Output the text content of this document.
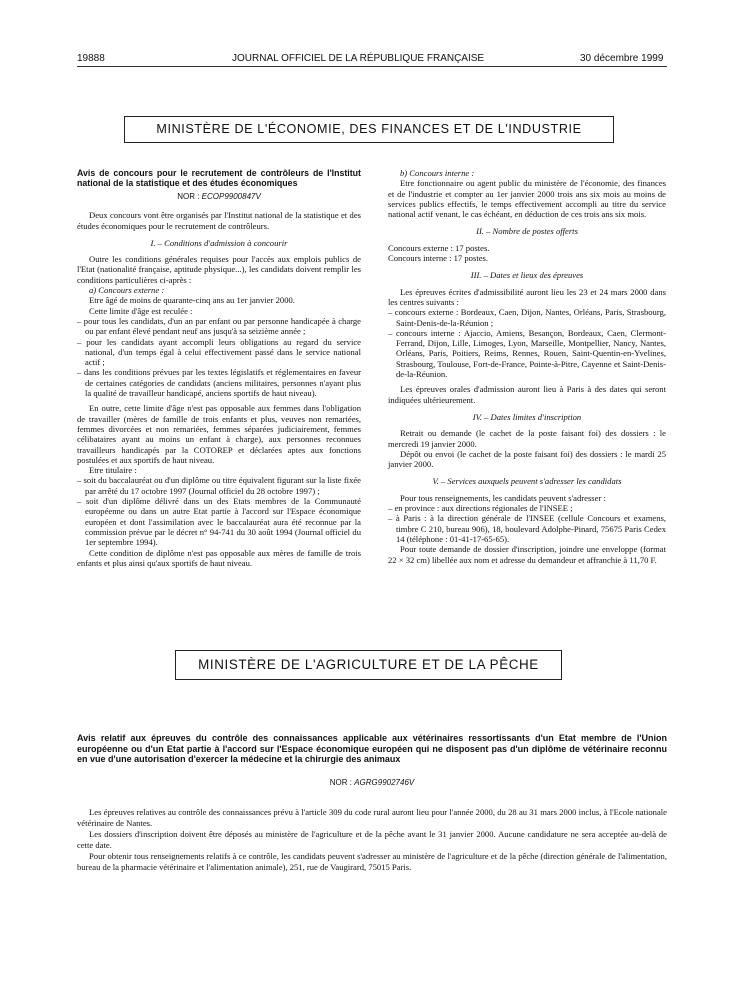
19888	JOURNAL OFFICIEL DE LA RÉPUBLIQUE FRANÇAISE	30 décembre 1999
MINISTÈRE DE L'ÉCONOMIE, DES FINANCES ET DE L'INDUSTRIE
Avis de concours pour le recrutement de contrôleurs de l'Institut national de la statistique et des études économiques
NOR : ECOP9900847V

Deux concours vont être organisés par l'Institut national de la statistique et des études économiques pour le recrutement de contrôleurs.

I. – Conditions d'admission à concourir

Outre les conditions générales requises pour l'accès aux emplois publics de l'Etat (nationalité française, aptitude physique...), les candidats doivent remplir les conditions particulières ci-après :

a) Concours externe :

Etre âgé de moins de quarante-cinq ans au 1er janvier 2000.

Cette limite d'âge est reculée :

– pour tous les candidats, d'un an par enfant ou par personne handicapée à charge ou par enfant élevé pendant neuf ans jusqu'à sa seizième année ;

– pour les candidats ayant accompli leurs obligations au regard du service national, d'un temps égal à celui effectivement passé dans le service national actif ;

– dans les conditions prévues par les textes législatifs et réglementaires en faveur de certaines catégories de candidats (anciens militaires, personnes n'ayant plus la qualité de travailleur handicapé, anciens sportifs de haut niveau).

En outre, cette limite d'âge n'est pas opposable aux femmes dans l'obligation de travailler (mères de famille de trois enfants et plus, veuves non remariées, femmes divorcées et non remariées, femmes séparées judiciairement, femmes célibataires ayant au moins un enfant à charge), aux personnes reconnues travailleurs handicapés par la COTOREP et déclarées aptes aux fonctions postulées et aux sportifs de haut niveau.

Etre titulaire :

– soit du baccalauréat ou d'un diplôme ou titre équivalent figurant sur la liste fixée par arrêté du 17 octobre 1997 (Journal officiel du 28 octobre 1997) ;

– soit d'un diplôme délivré dans un des Etats membres de la Communauté européenne ou dans un autre Etat partie à l'accord sur l'Espace économique européen et dont l'assimilation avec le baccalauréat aura été reconnue par la commission prévue par le décret n° 94-741 du 30 août 1994 (Journal officiel du 1er septembre 1994).

Cette condition de diplôme n'est pas opposable aux mères de famille de trois enfants et plus ainsi qu'aux sportifs de haut niveau.

b) Concours interne :

Etre fonctionnaire ou agent public du ministère de l'économie, des finances et de l'industrie et compter au 1er janvier 2000 trois ans six mois au moins de services publics effectifs, le temps effectivement accompli au titre du service national actif venant, le cas échéant, en déduction de ces trois ans six mois.

II. – Nombre de postes offerts

Concours externe : 17 postes.

Concours interne : 17 postes.

III. – Dates et lieux des épreuves

Les épreuves écrites d'admissibilité auront lieu les 23 et 24 mars 2000 dans les centres suivants :

– concours externe : Bordeaux, Caen, Dijon, Nantes, Orléans, Paris, Strasbourg, Saint-Denis-de-la-Réunion ;

– concours interne : Ajaccio, Amiens, Besançon, Bordeaux, Caen, Clermont-Ferrand, Dijon, Lille, Limoges, Lyon, Marseille, Montpellier, Nancy, Nantes, Orléans, Paris, Poitiers, Reims, Rennes, Rouen, Saint-Quentin-en-Yvelines, Strasbourg, Toulouse, Fort-de-France, Pointe-à-Pitre, Cayenne et Saint-Denis-de-la-Réunion.

Les épreuves orales d'admission auront lieu à Paris à des dates qui seront indiquées ultérieurement.

IV. – Dates limites d'inscription

Retrait ou demande (le cachet de la poste faisant foi) des dossiers : le mercredi 19 janvier 2000.

Dépôt ou envoi (le cachet de la poste faisant foi) des dossiers : le mardi 25 janvier 2000.

V. – Services auxquels peuvent s'adresser les candidats

Pour tous renseignements, les candidats peuvent s'adresser :

– en province : aux directions régionales de l'INSEE ;

– à Paris : à la direction générale de l'INSEE (cellule Concours et examens, timbre C 210, bureau 906), 18, boulevard Adolphe-Pinard, 75675 Paris Cedex 14 (téléphone : 01-41-17-65-65).

Pour toute demande de dossier d'inscription, joindre une enveloppe (format 22 × 32 cm) libellée aux nom et adresse du demandeur et affranchie à 11,70 F.

MINISTÈRE DE L'AGRICULTURE ET DE LA PÊCHE
Avis relatif aux épreuves du contrôle des connaissances applicable aux vétérinaires ressortissants d'un Etat membre de l'Union européenne ou d'un Etat partie à l'accord sur l'Espace économique européen qui ne disposent pas d'un diplôme de vétérinaire reconnu en vue d'une autorisation d'exercer la médecine et la chirurgie des animaux
NOR : AGRG9902746V

Les épreuves relatives au contrôle des connaissances prévu à l'article 309 du code rural auront lieu pour l'année 2000, du 28 au 31 mars 2000 inclus, à l'Ecole nationale vétérinaire de Nantes.

Les dossiers d'inscription doivent être déposés au ministère de l'agriculture et de la pêche avant le 31 janvier 2000. Aucune candidature ne sera acceptée au-delà de cette date.

Pour obtenir tous renseignements relatifs à ce contrôle, les candidats peuvent s'adresser au ministère de l'agriculture et de la pêche (direction générale de l'alimentation, bureau de la pharmacie vétérinaire et l'alimentation animale), 251, rue de Vaugirard, 75015 Paris.
